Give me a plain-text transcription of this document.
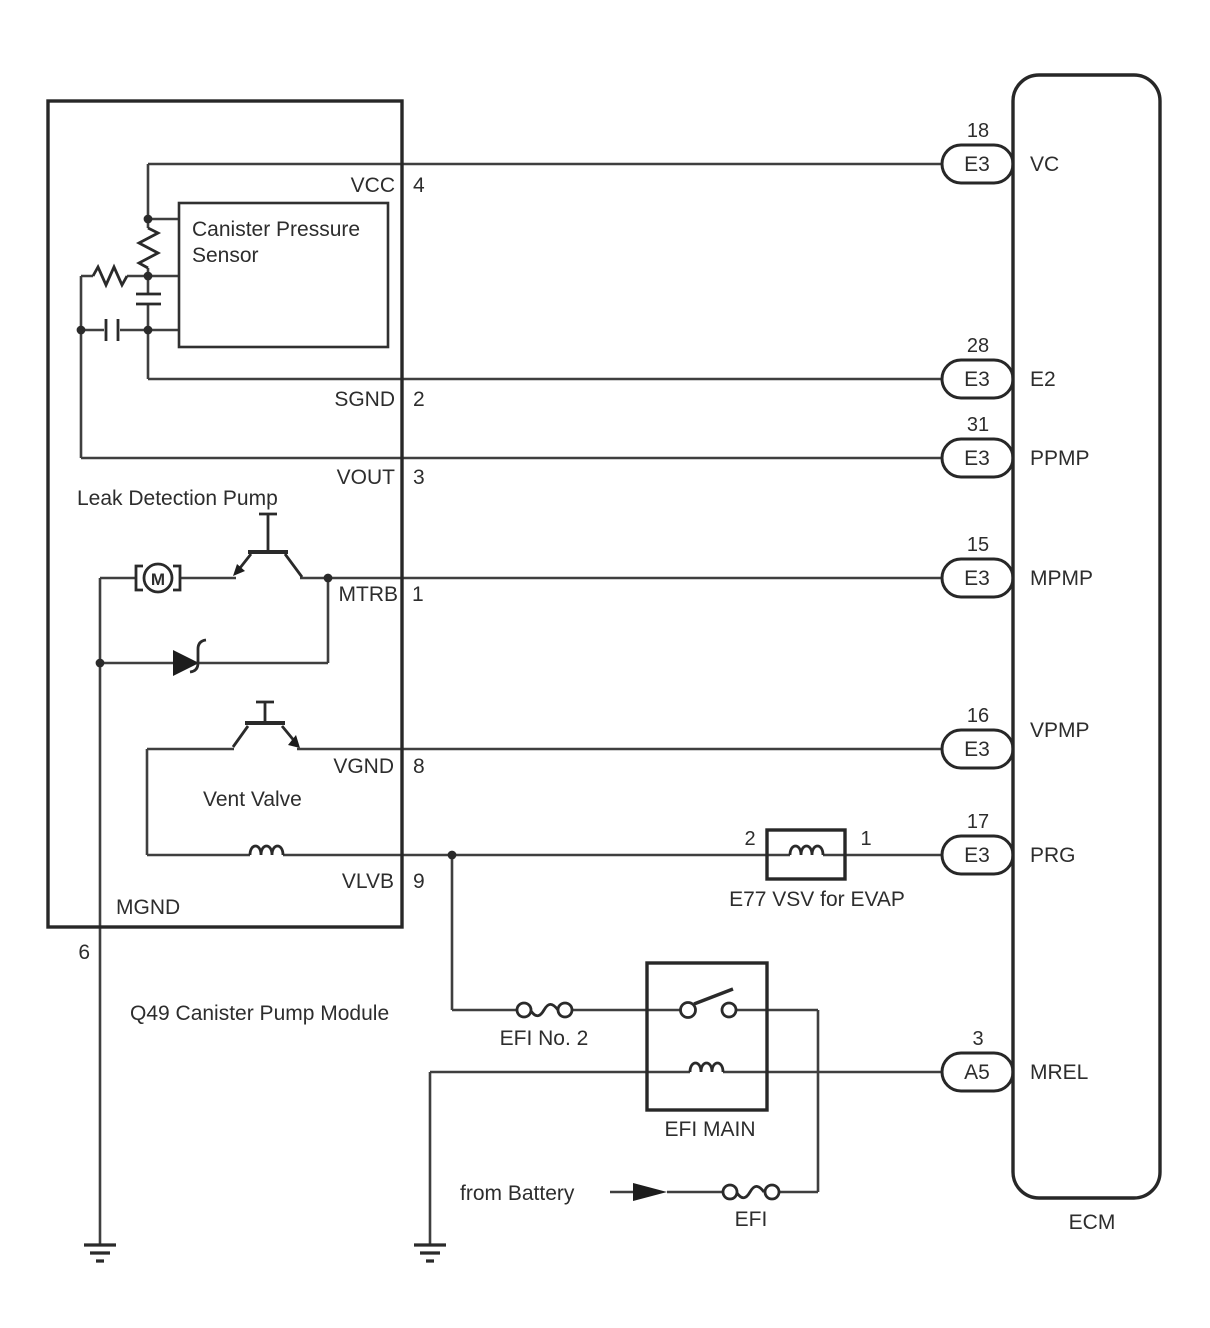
M
18
E3 VC
28
E3 E2
31
E3 PPMP
15
E3 MPMP
16
E3
VPMP
17
E3 PRG
3
A5 MREL
VCC 4
SGND 2
VOUT 3
MTRB 1
VGND 8
VLVB 9
Canister Pressure
Sensor
Leak Detection Pump
Vent Valve
MGND
6
Q49 Canister Pump Module
2	1
E77 VSV for EVAP
EFI No. 2
EFI MAIN
from Battery
EFI	ECM
